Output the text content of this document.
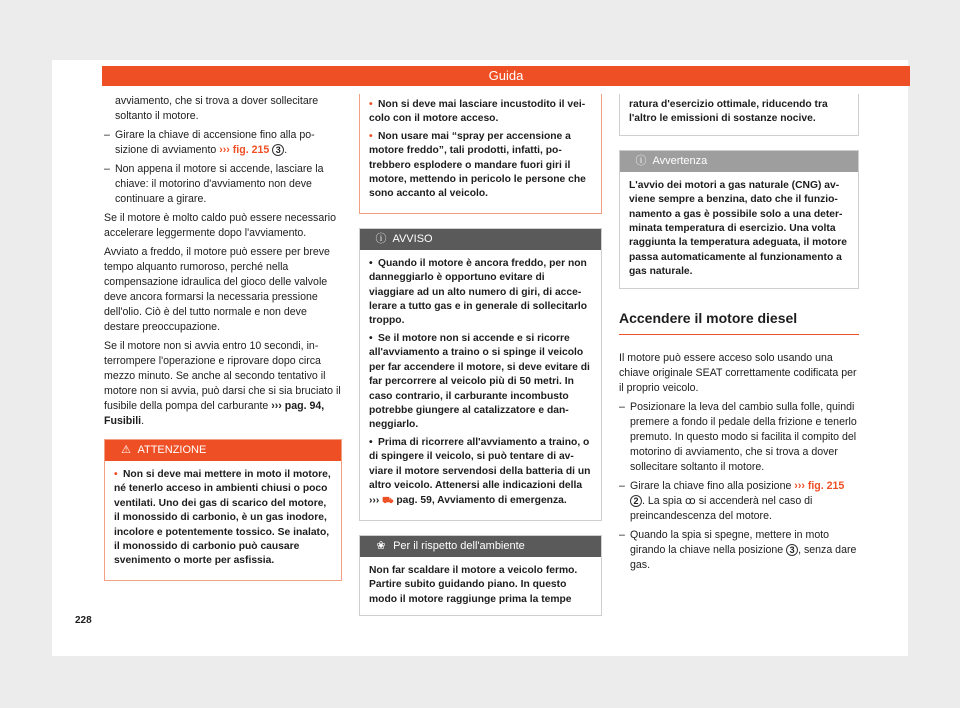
Guida

avviamento, che si trova a dover sollecitare soltanto il motore.

– Girare la chiave di accensione fino alla posizione di avviamento ››› fig. 215 3 .
– Non appena il motore si accende, lasciare la chiave: il motorino d'avviamento non deve continuare a girare.

Se il motore è molto caldo può essere necessario accelerare leggermente dopo l'avviamento.

Avviato a freddo, il motore può essere per breve tempo alquanto rumoroso, perché nella compensazione idraulica del gioco delle valvole deve ancora formarsi la necessaria pressione dell'olio. Ciò è del tutto normale e non deve destare preoccupazione.

Se il motore non si avvia entro 10 secondi, interrompere l'operazione e riprovare dopo circa mezzo minuto. Se anche al secondo tentativo il motore non si avvia, può darsi che si sia bruciato il fusibile della pompa del carburante ››› pag. 94, Fusibili.

⚠ ATTENZIONE
• Non si deve mai mettere in moto il motore, né tenerlo acceso in ambienti chiusi o poco ventilati. Uno dei gas di scarico del motore, il monossido di carbonio, è un gas inodore, incolore e potentemente tossico. Se inalato, il monossido di carbonio può causare svenimento o morte per asfissia.
• Non si deve mai lasciare incustodito il veicolo con il motore acceso.
• Non usare mai “spray per accensione a motore freddo”, tali prodotti, infatti, potrebbero esplodere o mandare fuori giri il motore, mettendo in pericolo le persone che sono accanto al veicolo.
ⓘ AVVISO
• Quando il motore è ancora freddo, per non danneggiarlo è opportuno evitare di viaggiare ad un alto numero di giri, di accelerare a tutto gas e in generale di sollecitarlo troppo.
• Se il motore non si accende e si ricorre all'avviamento a traino o si spinge il veicolo per far accendere il motore, si deve evitare di far percorrere al veicolo più di 50 metri. In caso contrario, il carburante incombusto potrebbe giungere al catalizzatore e danneggiarlo.
• Prima di ricorrere all'avviamento a traino, o di spingere il veicolo, si può tentare di avviare il motore servendosi della batteria di un altro veicolo. Attenersi alle indicazioni della ››› ⛟ pag. 59, Avviamento di emergenza.
❀ Per il rispetto dell'ambiente
Non far scaldare il motore a veicolo fermo. Partire subito guidando piano. In questo modo il motore raggiunge prima la tempe
ratura d'esercizio ottimale, riducendo tra l'altro le emissioni di sostanze nocive.
ⓘ Avvertenza
L'avvio dei motori a gas naturale (CNG) avviene sempre a benzina, dato che il funzionamento a gas è possibile solo a una determinata temperatura di esercizio. Una volta raggiunta la temperatura adeguata, il motore passa automaticamente al funzionamento a gas naturale.
Accendere il motore diesel

Il motore può essere acceso solo usando una chiave originale SEAT correttamente codificata per il proprio veicolo.

– Posizionare la leva del cambio sulla folle, quindi premere a fondo il pedale della frizione e tenerlo premuto. In questo modo si facilita il compito del motorino di avviamento, che si trova a dover sollecitare soltanto il motore.
– Girare la chiave fino alla posizione ››› fig. 215 2 . La spia ꝏ si accenderà nel caso di preincandescenza del motore.
– Quando la spia si spegne, mettere in moto girando la chiave nella posizione 3 , senza dare gas.
228
